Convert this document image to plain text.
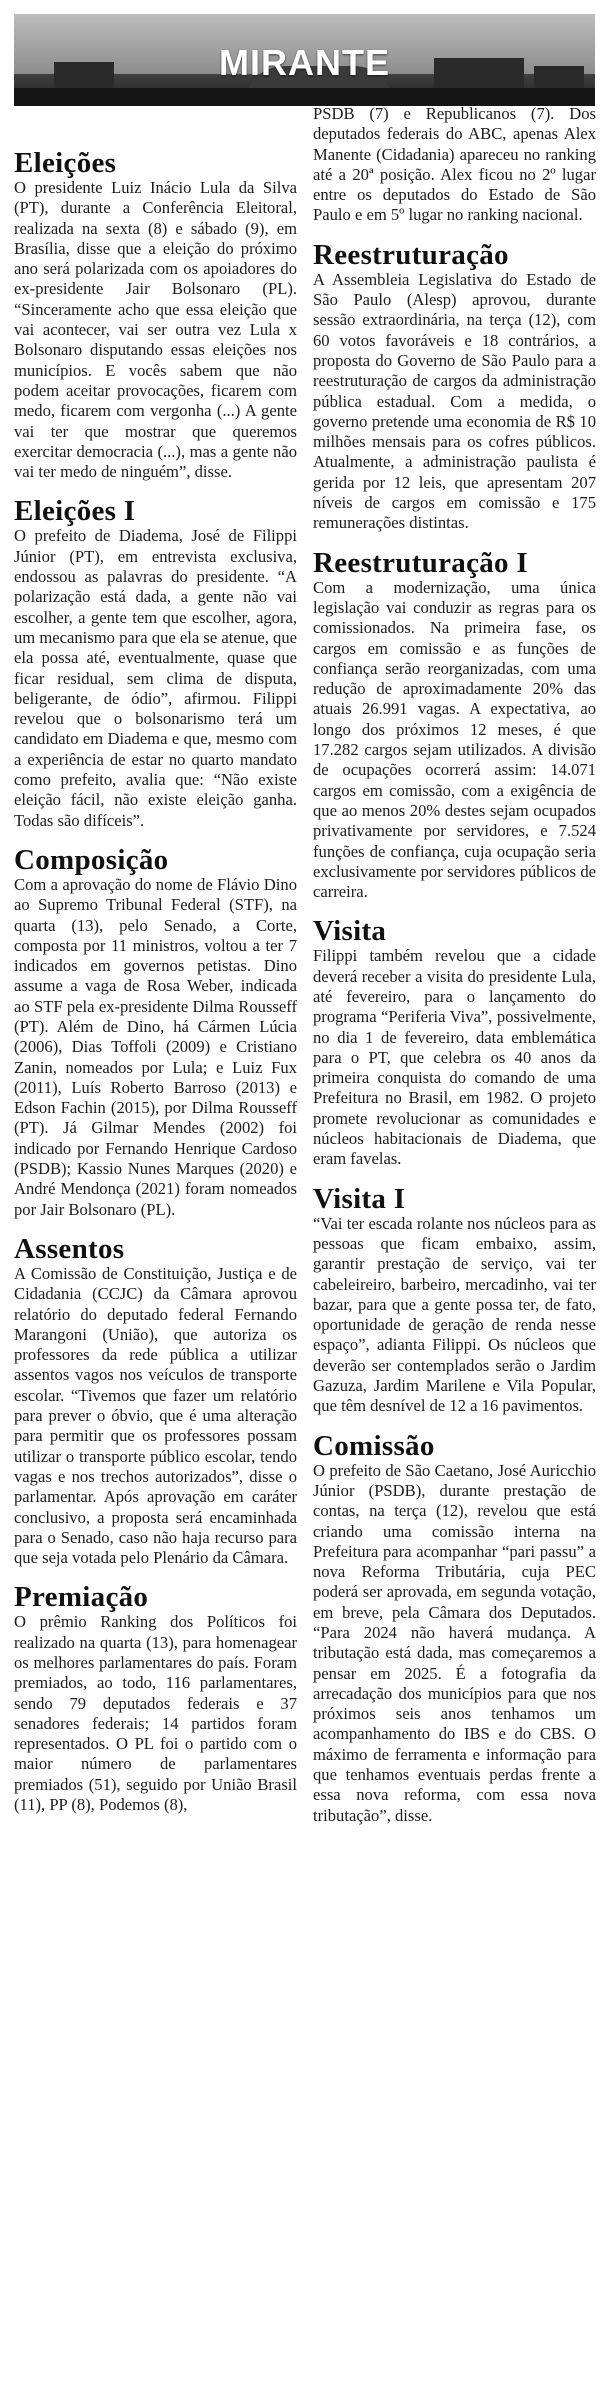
MIRANTE
Eleições

O presidente Luiz Inácio Lula da Silva (PT), durante a Conferência Eleitoral, realizada na sexta (8) e sábado (9), em Brasília, disse que a eleição do próximo ano será polarizada com os apoiadores do ex-presidente Jair Bolsonaro (PL). “Sinceramente acho que essa eleição que vai acontecer, vai ser outra vez Lula x Bolsonaro disputando essas eleições nos municípios. E vocês sabem que não podem aceitar provocações, ficarem com medo, ficarem com vergonha (...) A gente vai ter que mostrar que queremos exercitar democracia (...), mas a gente não vai ter medo de ninguém”, disse.

Eleições I

O prefeito de Diadema, José de Filippi Júnior (PT), em entrevista exclusiva, endossou as palavras do presidente. “A polarização está dada, a gente não vai escolher, a gente tem que escolher, agora, um mecanismo para que ela se atenue, que ela possa até, eventualmente, quase que ficar residual, sem clima de disputa, beligerante, de ódio”, afirmou. Filippi revelou que o bolsonarismo terá um candidato em Diadema e que, mesmo com a experiência de estar no quarto mandato como prefeito, avalia que: “Não existe eleição fácil, não existe eleição ganha. Todas são difíceis”.

Composição

Com a aprovação do nome de Flávio Dino ao Supremo Tribunal Federal (STF), na quarta (13), pelo Senado, a Corte, composta por 11 ministros, voltou a ter 7 indicados em governos petistas. Dino assume a vaga de Rosa Weber, indicada ao STF pela ex-presidente Dilma Rousseff (PT). Além de Dino, há Cármen Lúcia (2006), Dias Toffoli (2009) e Cristiano Zanin, nomeados por Lula; e Luiz Fux (2011), Luís Roberto Barroso (2013) e Edson Fachin (2015), por Dilma Rousseff (PT). Já Gilmar Mendes (2002) foi indicado por Fernando Henrique Cardoso (PSDB); Kassio Nunes Marques (2020) e André Mendonça (2021) foram nomeados por Jair Bolsonaro (PL).

Assentos

A Comissão de Constituição, Justiça e de Cidadania (CCJC) da Câmara aprovou relatório do deputado federal Fernando Marangoni (União), que autoriza os professores da rede pública a utilizar assentos vagos nos veículos de transporte escolar. “Tivemos que fazer um relatório para prever o óbvio, que é uma alteração para permitir que os professores possam utilizar o transporte público escolar, tendo vagas e nos trechos autorizados”, disse o parlamentar. Após aprovação em caráter conclusivo, a proposta será encaminhada para o Senado, caso não haja recurso para que seja votada pelo Plenário da Câmara.

Premiação

O prêmio Ranking dos Políticos foi realizado na quarta (13), para homenagear os melhores parlamentares do país. Foram premiados, ao todo, 116 parlamentares, sendo 79 deputados federais e 37 senadores federais; 14 partidos foram representados. O PL foi o partido com o maior número de parlamentares premiados (51), seguido por União Brasil (11), PP (8), Podemos (8),

PSDB (7) e Republicanos (7). Dos deputados federais do ABC, apenas Alex Manente (Cidadania) apareceu no ranking até a 20ª posição. Alex ficou no 2º lugar entre os deputados do Estado de São Paulo e em 5º lugar no ranking nacional.

Reestruturação

A Assembleia Legislativa do Estado de São Paulo (Alesp) aprovou, durante sessão extraordinária, na terça (12), com 60 votos favoráveis e 18 contrários, a proposta do Governo de São Paulo para a reestruturação de cargos da administração pública estadual. Com a medida, o governo pretende uma economia de R$ 10 milhões mensais para os cofres públicos. Atualmente, a administração paulista é gerida por 12 leis, que apresentam 207 níveis de cargos em comissão e 175 remunerações distintas.

Reestruturação I

Com a modernização, uma única legislação vai conduzir as regras para os comissionados. Na primeira fase, os cargos em comissão e as funções de confiança serão reorganizadas, com uma redução de aproximadamente 20% das atuais 26.991 vagas. A expectativa, ao longo dos próximos 12 meses, é que 17.282 cargos sejam utilizados. A divisão de ocupações ocorrerá assim: 14.071 cargos em comissão, com a exigência de que ao menos 20% destes sejam ocupados privativamente por servidores, e 7.524 funções de confiança, cuja ocupação seria exclusivamente por servidores públicos de carreira.

Visita

Filippi também revelou que a cidade deverá receber a visita do presidente Lula, até fevereiro, para o lançamento do programa “Periferia Viva”, possivelmente, no dia 1 de fevereiro, data emblemática para o PT, que celebra os 40 anos da primeira conquista do comando de uma Prefeitura no Brasil, em 1982. O projeto promete revolucionar as comunidades e núcleos habitacionais de Diadema, que eram favelas.

Visita I

“Vai ter escada rolante nos núcleos para as pessoas que ficam embaixo, assim, garantir prestação de serviço, vai ter cabeleireiro, barbeiro, mercadinho, vai ter bazar, para que a gente possa ter, de fato, oportunidade de geração de renda nesse espaço”, adianta Filippi. Os núcleos que deverão ser contemplados serão o Jardim Gazuza, Jardim Marilene e Vila Popular, que têm desnível de 12 a 16 pavimentos.

Comissão

O prefeito de São Caetano, José Auricchio Júnior (PSDB), durante prestação de contas, na terça (12), revelou que está criando uma comissão interna na Prefeitura para acompanhar “pari passu” a nova Reforma Tributária, cuja PEC poderá ser aprovada, em segunda votação, em breve, pela Câmara dos Deputados. “Para 2024 não haverá mudança. A tributação está dada, mas começaremos a pensar em 2025. É a fotografia da arrecadação dos municípios para que nos próximos seis anos tenhamos um acompanhamento do IBS e do CBS. O máximo de ferramenta e informação para que tenhamos eventuais perdas frente a essa nova reforma, com essa nova tributação”, disse.
